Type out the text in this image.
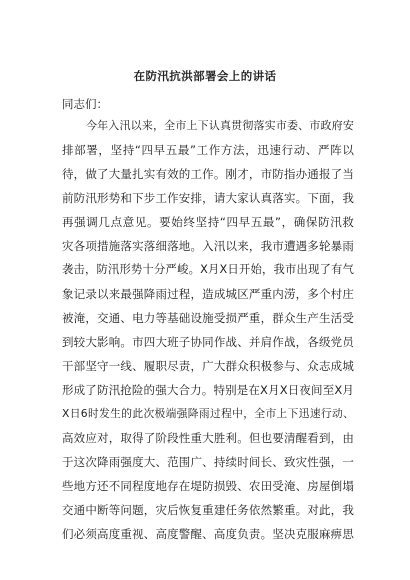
在防汛抗洪部署会上的讲话
同志们：
今年入汛以来，全市上下认真贯彻落实市委、市政府安
排部署，坚持“四早五最”工作方法，迅速行动、严阵以
待，做了大量扎实有效的工作。刚才，市防指办通报了当
前防汛形势和下步工作安排，请大家认真落实。下面，我
再强调几点意见。要始终坚持“四早五最”，确保防汛救
灾各项措施落实落细落地。入汛以来，我市遭遇多轮暴雨
袭击，防汛形势十分严峻。X月X日开始，我市出现了有气
象记录以来最强降雨过程，造成城区严重内涝，多个村庄
被淹，交通、电力等基础设施受损严重，群众生产生活受
到较大影响。市四大班子协同作战、并肩作战，各级党员
干部坚守一线、履职尽责，广大群众积极参与、众志成城
形成了防汛抢险的强大合力。特别是在X月X日夜间至X月
X日6时发生的此次极端强降雨过程中，全市上下迅速行动、
高效应对，取得了阶段性重大胜利。但也要清醒看到，由
于这次降雨强度大、范围广、持续时间长、致灾性强，一
些地方还不同程度地存在堤防损毁、农田受淹、房屋倒塌
交通中断等问题，灾后恢复重建任务依然繁重。对此，我
们必须高度重视、高度警醒、高度负责。坚决克服麻痹思
